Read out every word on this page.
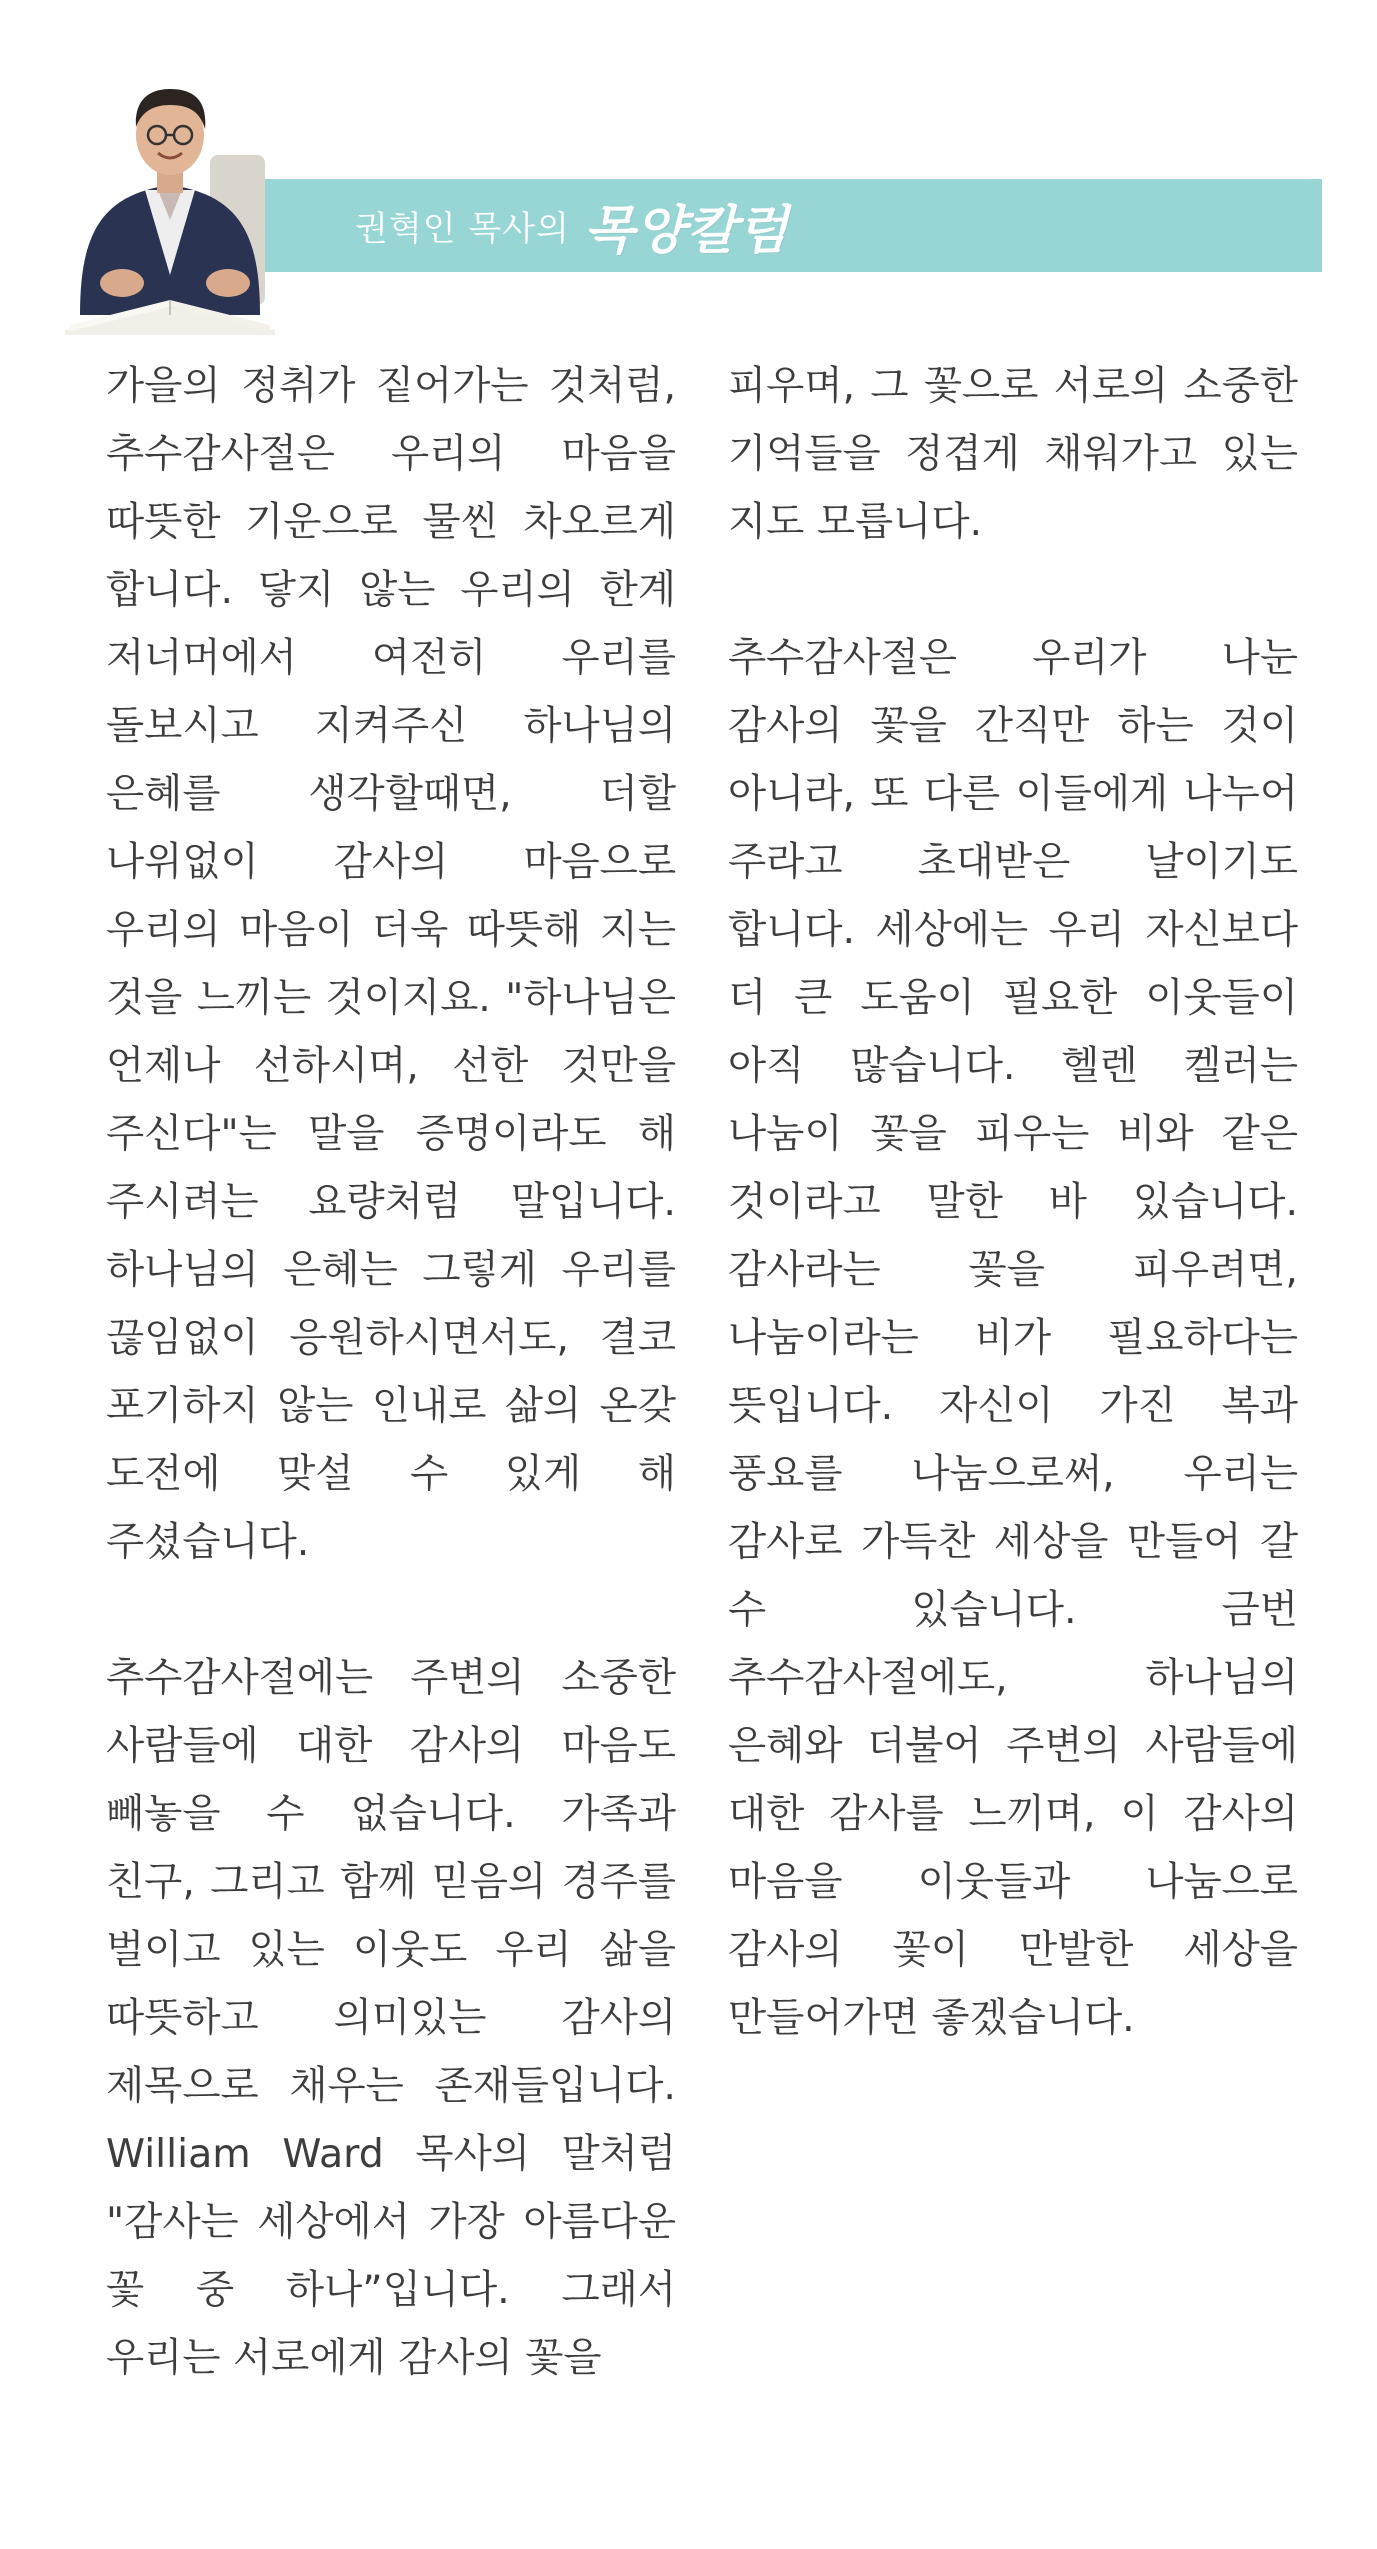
권혁인 목사의 목양칼럼

가을의 정취가 짙어가는 것처럼, 추수감사절은 우리의 마음을 따뜻한 기운으로 물씬 차오르게 합니다. 닿지 않는 우리의 한계 저너머에서 여전히 우리를 돌보시고 지켜주신 하나님의 은혜를 생각할때면, 더할 나위없이 감사의 마음으로 우리의 마음이 더욱 따뜻해 지는 것을 느끼는 것이지요. "하나님은 언제나 선하시며, 선한 것만을 주신다"는 말을 증명이라도 해 주시려는 요량처럼 말입니다. 하나님의 은혜는 그렇게 우리를 끊임없이 응원하시면서도, 결코 포기하지 않는 인내로 삶의 온갖 도전에 맞설 수 있게 해 주셨습니다.

추수감사절에는 주변의 소중한 사람들에 대한 감사의 마음도 빼놓을 수 없습니다. 가족과 친구, 그리고 함께 믿음의 경주를 벌이고 있는 이웃도 우리 삶을 따뜻하고 의미있는 감사의 제목으로 채우는 존재들입니다. William Ward 목사의 말처럼 "감사는 세상에서 가장 아름다운 꽃 중 하나”입니다. 그래서 우리는 서로에게 감사의 꽃을

피우며, 그 꽃으로 서로의 소중한 기억들을 정겹게 채워가고 있는 지도 모릅니다.

추수감사절은 우리가 나눈 감사의 꽃을 간직만 하는 것이 아니라, 또 다른 이들에게 나누어 주라고 초대받은 날이기도 합니다. 세상에는 우리 자신보다 더 큰 도움이 필요한 이웃들이 아직 많습니다. 헬렌 켈러는 나눔이 꽃을 피우는 비와 같은 것이라고 말한 바 있습니다. 감사라는 꽃을 피우려면, 나눔이라는 비가 필요하다는 뜻입니다. 자신이 가진 복과 풍요를 나눔으로써, 우리는 감사로 가득찬 세상을 만들어 갈 수 있습니다. 금번 추수감사절에도, 하나님의 은혜와 더불어 주변의 사람들에 대한 감사를 느끼며, 이 감사의 마음을 이웃들과 나눔으로 감사의 꽃이 만발한 세상을 만들어가면 좋겠습니다.
